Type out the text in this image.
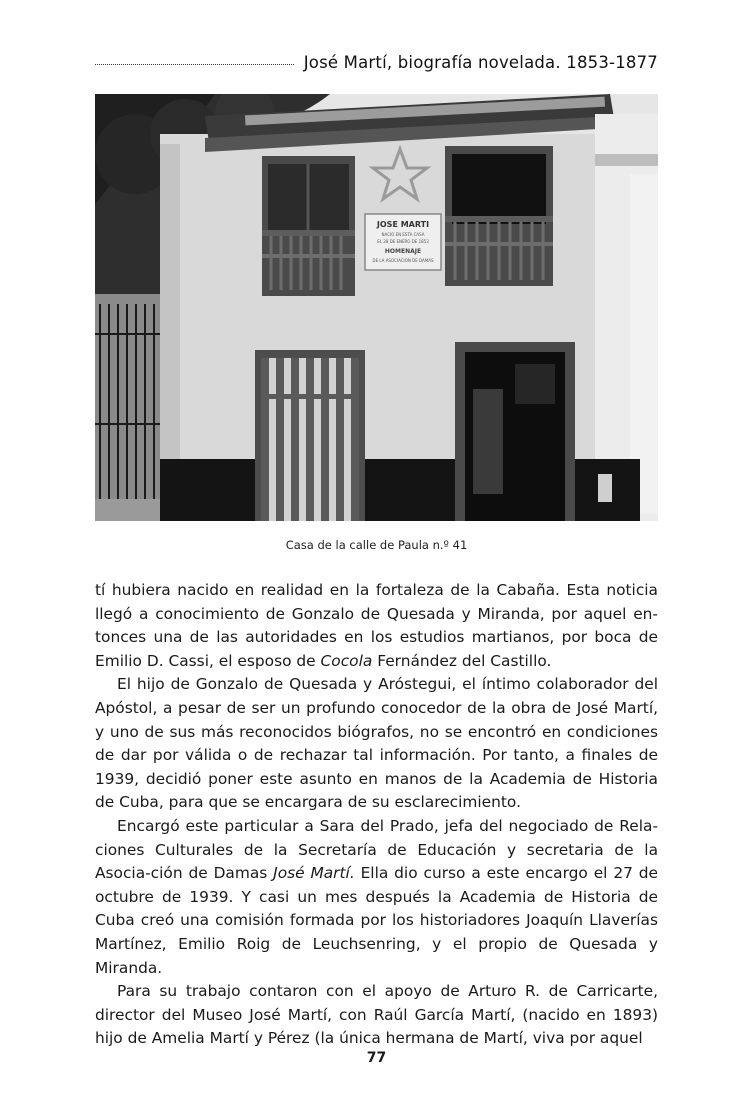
José Martí, biografía novelada. 1853-1877
JOSE MARTI
NACIO EN ESTA CASA
EL 28 DE ENERO DE 1853
HOMENAJE
DE LA ASOCIACION DE DAMAS
Casa de la calle de Paula n.º 41

tí hubiera nacido en realidad en la fortaleza de la Cabaña. Esta noticia llegó a conocimiento de Gonzalo de Quesada y Miranda, por aquel en-tonces una de las autoridades en los estudios martianos, por boca de Emilio D. Cassi, el esposo de Cocola Fernández del Castillo.

El hijo de Gonzalo de Quesada y Aróstegui, el íntimo colaborador del Apóstol, a pesar de ser un profundo conocedor de la obra de José Martí, y uno de sus más reconocidos biógrafos, no se encontró en condiciones de dar por válida o de rechazar tal información. Por tanto, a finales de 1939, decidió poner este asunto en manos de la Academia de Historia de Cuba, para que se encargara de su esclarecimiento.

Encargó este particular a Sara del Prado, jefa del negociado de Rela-ciones Culturales de la Secretaría de Educación y secretaria de la Asocia-ción de Damas José Martí. Ella dio curso a este encargo el 27 de octubre de 1939. Y casi un mes después la Academia de Historia de Cuba creó una comisión formada por los historiadores Joaquín Llaverías Martínez, Emilio Roig de Leuchsenring, y el propio de Quesada y Miranda.

Para su trabajo contaron con el apoyo de Arturo R. de Carricarte, director del Museo José Martí, con Raúl García Martí, (nacido en 1893) hijo de Amelia Martí y Pérez (la única hermana de Martí, viva por aquel

77
